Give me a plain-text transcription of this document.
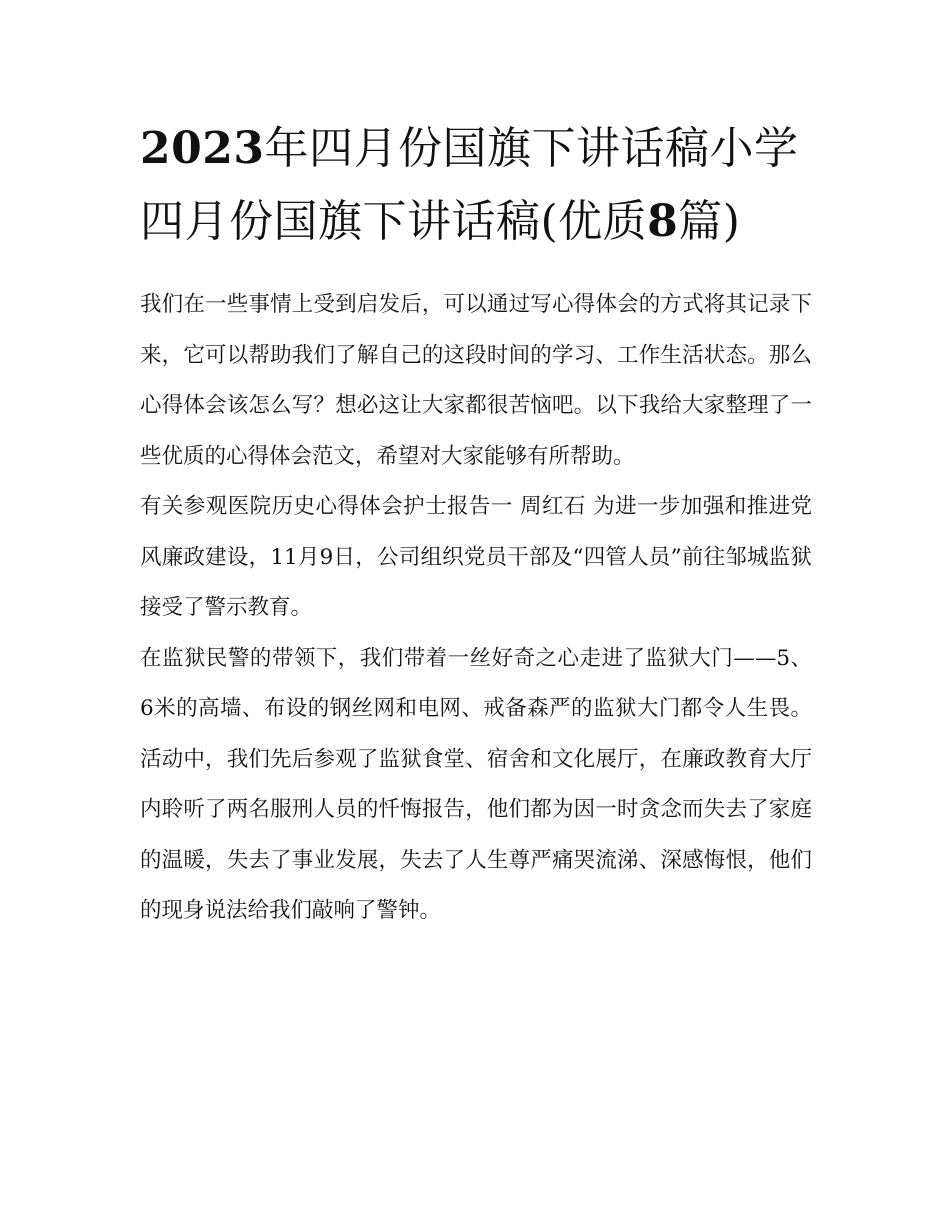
2023年四月份国旗下讲话稿小学 四月份国旗下讲话稿(优质8篇)

我们在一些事情上受到启发后，可以通过写心得体会的方式将其记录下来，它可以帮助我们了解自己的这段时间的学习、工作生活状态。那么心得体会该怎么写？想必这让大家都很苦恼吧。以下我给大家整理了一些优质的心得体会范文，希望对大家能够有所帮助。

有关参观医院历史心得体会护士报告一 周红石 为进一步加强和推进党风廉政建设，11月9日，公司组织党员干部及“四管人员”前往邹城监狱接受了警示教育。

在监狱民警的带领下，我们带着一丝好奇之心走进了监狱大门——5、6米的高墙、布设的钢丝网和电网、戒备森严的监狱大门都令人生畏。活动中，我们先后参观了监狱食堂、宿舍和文化展厅，在廉政教育大厅内聆听了两名服刑人员的忏悔报告，他们都为因一时贪念而失去了家庭的温暖，失去了事业发展，失去了人生尊严痛哭流涕、深感悔恨，他们的现身说法给我们敲响了警钟。
